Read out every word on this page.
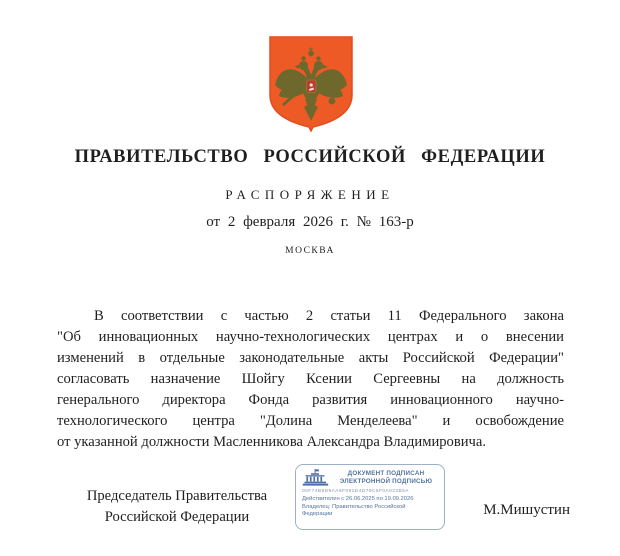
ПРАВИТЕЛЬСТВО РОССИЙСКОЙ ФЕДЕРАЦИИ
РАСПОРЯЖЕНИЕ
от 2 февраля 2026 г. № 163-р
МОСКВА
В соответствии с частью 2 статьи 11 Федерального закона
"Об инновационных научно-технологических центрах и о внесении
изменений в отдельные законодательные акты Российской Федерации"
согласовать назначение Шойгу Ксении Сергеевны на должность
генерального директора Фонда развития инновационного научно-
технологического центра "Долина Менделеева" и освобождение
от указанной должности Масленникова Александра Владимировича.
Председатель Правительства
Российской Федерации	М.Мишустин
ДОКУМЕНТ ПОДПИСАН
ЭЛЕКТРОННОЙ ПОДПИСЬЮ
00F74B9D9AA6F091D4D79C5F0A023B5A
Действителен с 26.06.2025 по 19.09.2026
Владелец: Правительство Российской Федерации
